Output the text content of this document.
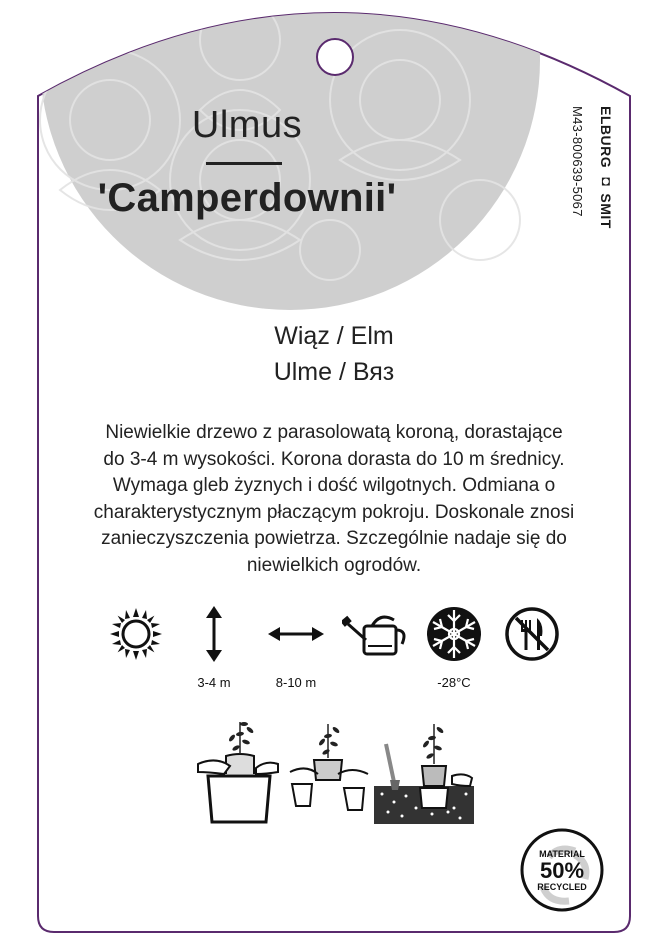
Ulmus
'Camperdownii'	ELBURG ◘ SMIT
M43-800639-5067
Wiąz / Elm
Ulme / Вяз
Niewielkie drzewo z parasolowatą koroną, dorastające
do 3-4 m wysokości. Korona dorasta do 10 m średnicy.
Wymaga gleb żyznych i dość wilgotnych. Odmiana o
charakterystycznym płaczącym pokroju. Doskonale znosi
zanieczyszczenia powietrza. Szczególnie nadaje się do
niewielkich ogrodów.
3-4 m	8-10 m	-28°C
MATERIAL
50%
RECYCLED
